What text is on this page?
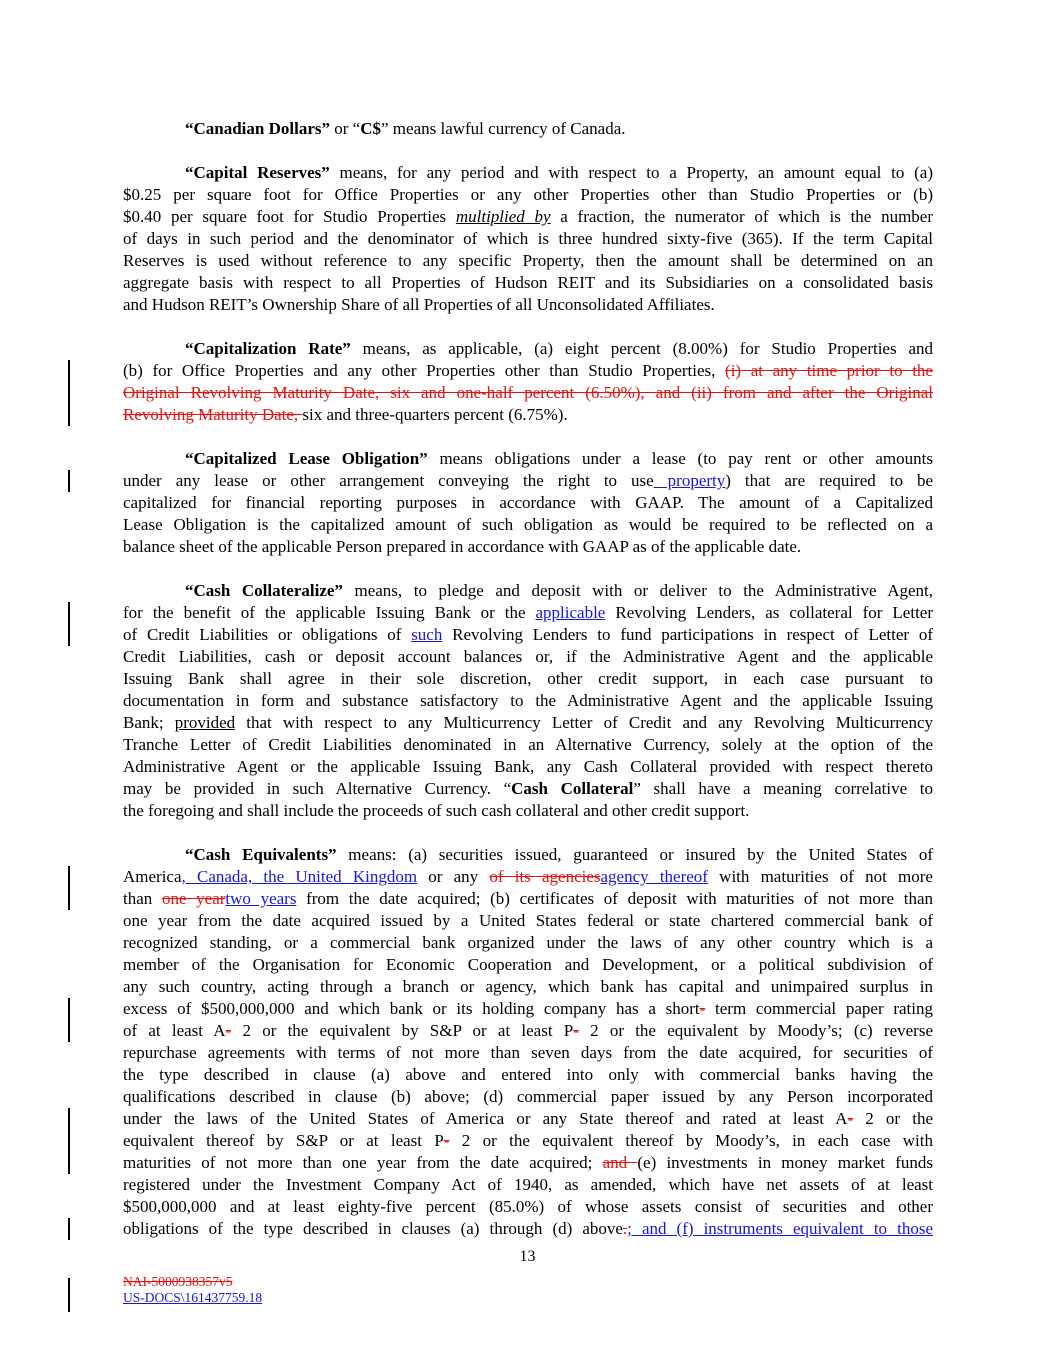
“Canadian Dollars” or “C$” means lawful currency of Canada.
“Capital Reserves” means, for any period and with respect to a Property, an amount equal to (a)
$0.25 per square foot for Office Properties or any other Properties other than Studio Properties or (b)
$0.40 per square foot for Studio Properties multiplied by a fraction, the numerator of which is the number
of days in such period and the denominator of which is three hundred sixty-five (365). If the term Capital
Reserves is used without reference to any specific Property, then the amount shall be determined on an
aggregate basis with respect to all Properties of Hudson REIT and its Subsidiaries on a consolidated basis
and Hudson REIT’s Ownership Share of all Properties of all Unconsolidated Affiliates.
“Capitalization Rate” means, as applicable, (a) eight percent (8.00%) for Studio Properties and
(b) for Office Properties and any other Properties other than Studio Properties, (i) at any time prior to the
Original Revolving Maturity Date, six and one-half percent (6.50%), and (ii) from and after the Original
Revolving Maturity Date, six and three-quarters percent (6.75%).
“Capitalized Lease Obligation” means obligations under a lease (to pay rent or other amounts
under any lease or other arrangement conveying the right to use property) that are required to be
capitalized for financial reporting purposes in accordance with GAAP. The amount of a Capitalized
Lease Obligation is the capitalized amount of such obligation as would be required to be reflected on a
balance sheet of the applicable Person prepared in accordance with GAAP as of the applicable date.
“Cash Collateralize” means, to pledge and deposit with or deliver to the Administrative Agent,
for the benefit of the applicable Issuing Bank or the applicable Revolving Lenders, as collateral for Letter
of Credit Liabilities or obligations of such Revolving Lenders to fund participations in respect of Letter of
Credit Liabilities, cash or deposit account balances or, if the Administrative Agent and the applicable
Issuing Bank shall agree in their sole discretion, other credit support, in each case pursuant to
documentation in form and substance satisfactory to the Administrative Agent and the applicable Issuing
Bank; provided that with respect to any Multicurrency Letter of Credit and any Revolving Multicurrency
Tranche Letter of Credit Liabilities denominated in an Alternative Currency, solely at the option of the
Administrative Agent or the applicable Issuing Bank, any Cash Collateral provided with respect thereto
may be provided in such Alternative Currency. “Cash Collateral” shall have a meaning correlative to
the foregoing and shall include the proceeds of such cash collateral and other credit support.
“Cash Equivalents” means: (a) securities issued, guaranteed or insured by the United States of
America, Canada, the United Kingdom or any of its agenciesagency thereof with maturities of not more
than one yeartwo years from the date acquired; (b) certificates of deposit with maturities of not more than
one year from the date acquired issued by a United States federal or state chartered commercial bank of
recognized standing, or a commercial bank organized under the laws of any other country which is a
member of the Organisation for Economic Cooperation and Development, or a political subdivision of
any such country, acting through a branch or agency, which bank has capital and unimpaired surplus in
excess of $500,000,000 and which bank or its holding company has a short- term commercial paper rating
of at least A- 2 or the equivalent by S&P or at least P- 2 or the equivalent by Moody’s; (c) reverse
repurchase agreements with terms of not more than seven days from the date acquired, for securities of
the type described in clause (a) above and entered into only with commercial banks having the
qualifications described in clause (b) above; (d) commercial paper issued by any Person incorporated
under the laws of the United States of America or any State thereof and rated at least A- 2 or the
equivalent thereof by S&P or at least P- 2 or the equivalent thereof by Moody’s, in each case with
maturities of not more than one year from the date acquired; and (e) investments in money market funds
registered under the Investment Company Act of 1940, as amended, which have net assets of at least
$500,000,000 and at least eighty-five percent (85.0%) of whose assets consist of securities and other
obligations of the type described in clauses (a) through (d) above.; and (f) instruments equivalent to those
13
NAI-5000938357v5
US-DOCS\161437759.18
